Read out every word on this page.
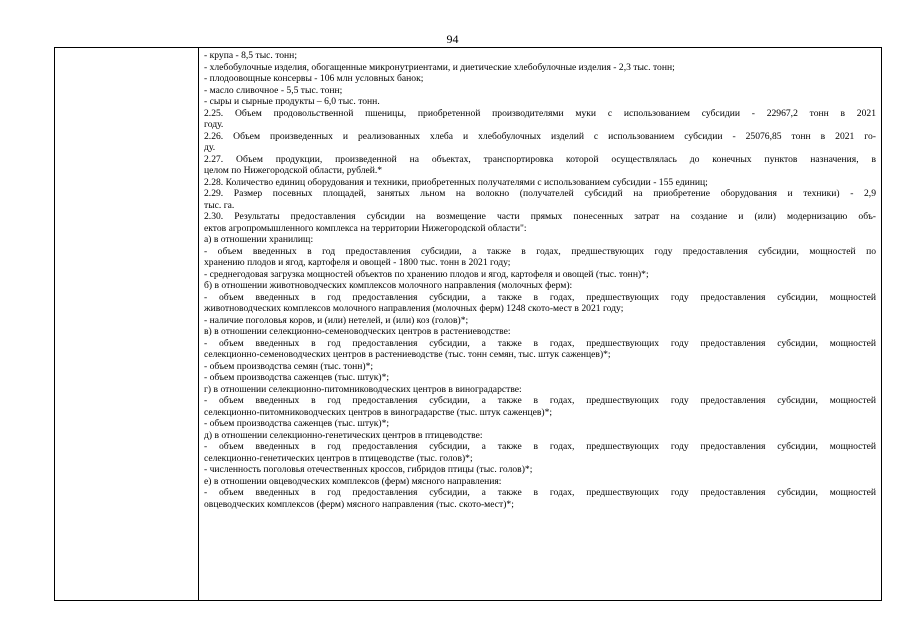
94
- крупа - 8,5 тыс. тонн;
- хлебобулочные изделия, обогащенные микронутриентами, и диетические хлебобулочные изделия - 2,3 тыс. тонн;
- плодоовощные консервы - 106 млн условных банок;
- масло сливочное - 5,5 тыс. тонн;
- сыры и сырные продукты – 6,0 тыс. тонн.
2.25. Объем продовольственной пшеницы, приобретенной производителями муки с использованием субсидии - 22967,2 тонн в 2021
году.
2.26. Объем произведенных и реализованных хлеба и хлебобулочных изделий с использованием субсидии - 25076,85 тонн в 2021 го-
ду.
2.27. Объем продукции, произведенной на объектах, транспортировка которой осуществлялась до конечных пунктов назначения, в
целом по Нижегородской области, рублей.*
2.28. Количество единиц оборудования и техники, приобретенных получателями с использованием субсидии - 155 единиц;
2.29. Размер посевных площадей, занятых льном на волокно (получателей субсидий на приобретение оборудования и техники) - 2,9
тыс. га.
2.30. Результаты предоставления субсидии на возмещение части прямых понесенных затрат на создание и (или) модернизацию объ-
ектов агропромышленного комплекса на территории Нижегородской области":
а) в отношении хранилищ:
- объем введенных в год предоставления субсидии, а также в годах, предшествующих году предоставления субсидии, мощностей по
хранению плодов и ягод, картофеля и овощей - 1800 тыс. тонн в 2021 году;
- среднегодовая загрузка мощностей объектов по хранению плодов и ягод, картофеля и овощей (тыс. тонн)*;
б) в отношении животноводческих комплексов молочного направления (молочных ферм):
- объем введенных в год предоставления субсидии, а также в годах, предшествующих году предоставления субсидии, мощностей
животноводческих комплексов молочного направления (молочных ферм) 1248 ското-мест в 2021 году;
- наличие поголовья коров, и (или) нетелей, и (или) коз (голов)*;
в) в отношении селекционно-семеноводческих центров в растениеводстве:
- объем введенных в год предоставления субсидии, а также в годах, предшествующих году предоставления субсидии, мощностей
селекционно-семеноводческих центров в растениеводстве (тыс. тонн семян, тыс. штук саженцев)*;
- объем производства семян (тыс. тонн)*;
- объем производства саженцев (тыс. штук)*;
г) в отношении селекционно-питомниководческих центров в виноградарстве:
- объем введенных в год предоставления субсидии, а также в годах, предшествующих году предоставления субсидии, мощностей
селекционно-питомниководческих центров в виноградарстве (тыс. штук саженцев)*;
- объем производства саженцев (тыс. штук)*;
д) в отношении селекционно-генетических центров в птицеводстве:
- объем введенных в год предоставления субсидии, а также в годах, предшествующих году предоставления субсидии, мощностей
селекционно-генетических центров в птицеводстве (тыс. голов)*;
- численность поголовья отечественных кроссов, гибридов птицы (тыс. голов)*;
е) в отношении овцеводческих комплексов (ферм) мясного направления:
- объем введенных в год предоставления субсидии, а также в годах, предшествующих году предоставления субсидии, мощностей
овцеводческих комплексов (ферм) мясного направления (тыс. ското-мест)*;
